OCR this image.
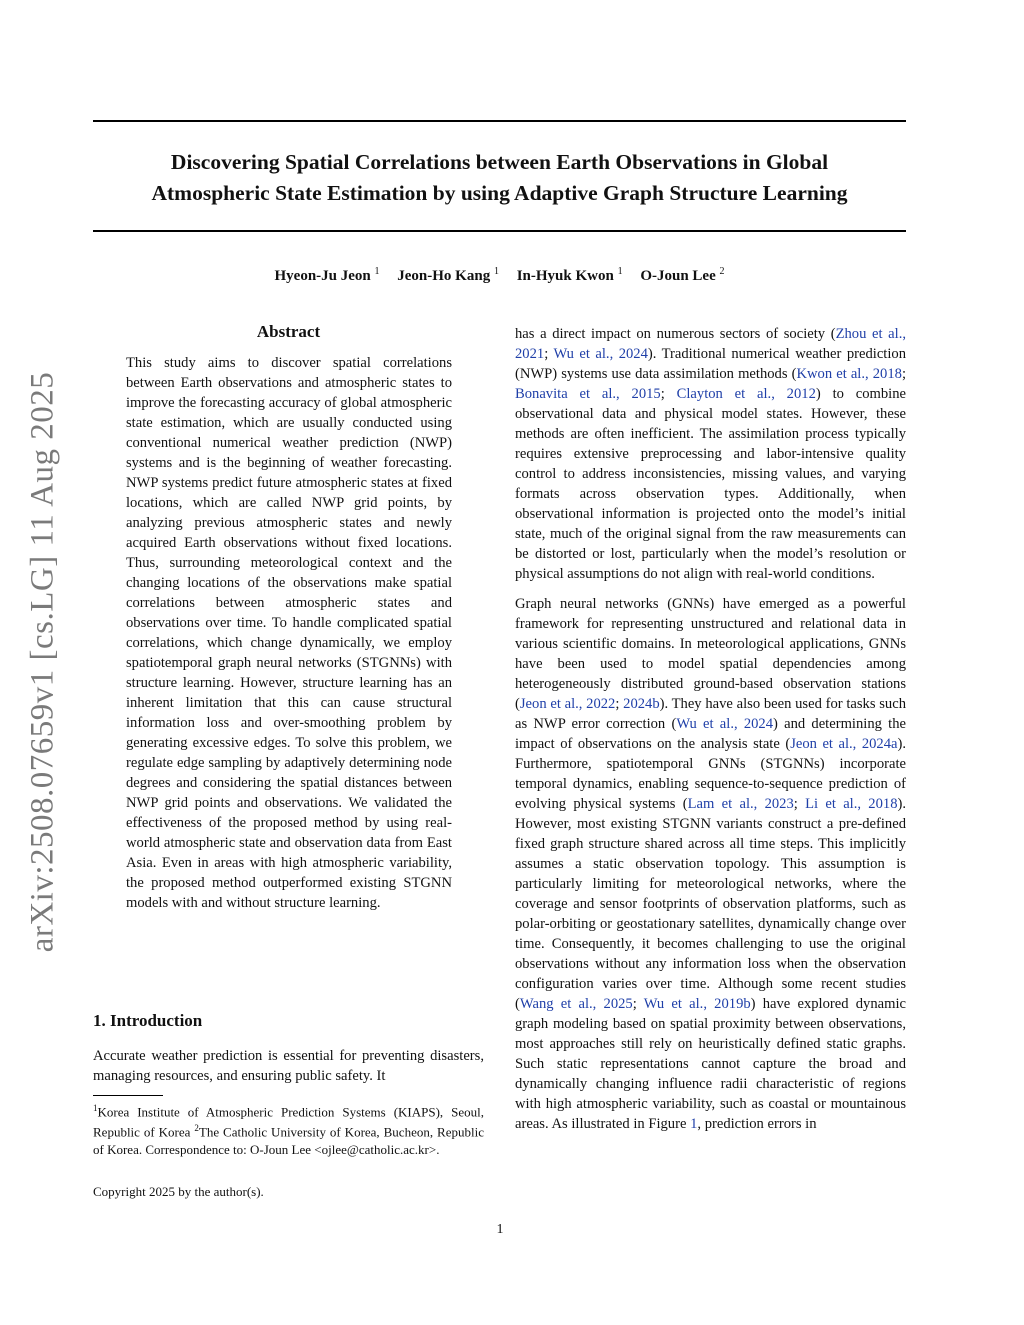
arXiv:2508.07659v1 [cs.LG] 11 Aug 2025
Discovering Spatial Correlations between Earth Observations in Global
Atmospheric State Estimation by using Adaptive Graph Structure Learning
Hyeon-Ju Jeon $^1$ Jeon-Ho Kang $^1$ In-Hyuk Kwon $^1$ O-Joun Lee $^2$
Abstract
This study aims to discover spatial correlations between Earth observations and atmospheric states to improve the forecasting accuracy of global atmospheric state estimation, which are usually conducted using conventional numerical weather prediction (NWP) systems and is the beginning of weather forecasting. NWP systems predict future atmospheric states at fixed locations, which are called NWP grid points, by analyzing previous atmospheric states and newly acquired Earth observations without fixed locations. Thus, surrounding meteorological context and the changing locations of the observations make spatial correlations between atmospheric states and observations over time. To handle complicated spatial correlations, which change dynamically, we employ spatiotemporal graph neural networks (STGNNs) with structure learning. However, structure learning has an inherent limitation that this can cause structural information loss and over-smoothing problem by generating excessive edges. To solve this problem, we regulate edge sampling by adaptively determining node degrees and considering the spatial distances between NWP grid points and observations. We validated the effectiveness of the proposed method by using real-world atmospheric state and observation data from East Asia. Even in areas with high atmospheric variability, the proposed method outperformed existing STGNN models with and without structure learning.
1. Introduction
Accurate weather prediction is essential for preventing disasters, managing resources, and ensuring public safety. It
$^1$Korea Institute of Atmospheric Prediction Systems (KIAPS), Seoul, Republic of Korea $^2$The Catholic University of Korea, Bucheon, Republic of Korea. Correspondence to: O-Joun Lee <ojlee@catholic.ac.kr>.
Copyright 2025 by the author(s).

has a direct impact on numerous sectors of society (Zhou et al., 2021; Wu et al., 2024). Traditional numerical weather prediction (NWP) systems use data assimilation methods (Kwon et al., 2018; Bonavita et al., 2015; Clayton et al., 2012) to combine observational data and physical model states. However, these methods are often inefficient. The assimilation process typically requires extensive preprocessing and labor-intensive quality control to address inconsistencies, missing values, and varying formats across observation types. Additionally, when observational information is projected onto the model’s initial state, much of the original signal from the raw measurements can be distorted or lost, particularly when the model’s resolution or physical assumptions do not align with real-world conditions.

Graph neural networks (GNNs) have emerged as a powerful framework for representing unstructured and relational data in various scientific domains. In meteorological applications, GNNs have been used to model spatial dependencies among heterogeneously distributed ground-based observation stations (Jeon et al., 2022; 2024b). They have also been used for tasks such as NWP error correction (Wu et al., 2024) and determining the impact of observations on the analysis state (Jeon et al., 2024a). Furthermore, spatiotemporal GNNs (STGNNs) incorporate temporal dynamics, enabling sequence-to-sequence prediction of evolving physical systems (Lam et al., 2023; Li et al., 2018). However, most existing STGNN variants construct a pre-defined fixed graph structure shared across all time steps. This implicitly assumes a static observation topology. This assumption is particularly limiting for meteorological networks, where the coverage and sensor footprints of observation platforms, such as polar-orbiting or geostationary satellites, dynamically change over time. Consequently, it becomes challenging to use the original observations without any information loss when the observation configuration varies over time. Although some recent studies (Wang et al., 2025; Wu et al., 2019b) have explored dynamic graph modeling based on spatial proximity between observations, most approaches still rely on heuristically defined static graphs. Such static representations cannot capture the broad and dynamically changing influence radii characteristic of regions with high atmospheric variability, such as coastal or mountainous areas. As illustrated in Figure 1, prediction errors in

1
